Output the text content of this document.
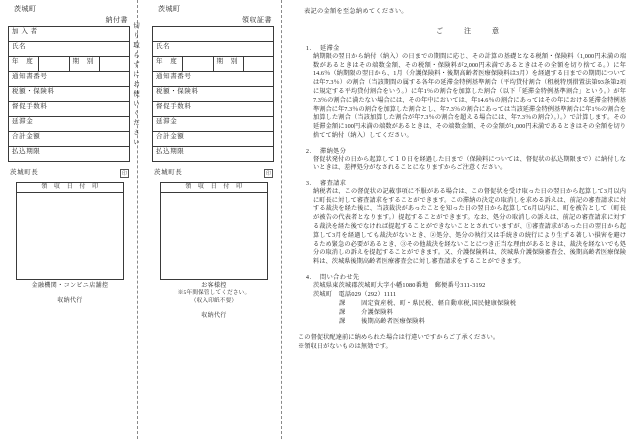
茨城町
納付書
加 入 者
氏名
年　度		期　別	
通知書番号
税額・保険料
督促手数料
延滞金
合計金額
払込期限
茨城町長	印
領 収 日 付 印
金融機関・コンビニ店舗控
収納代行
切り取らずにお使いください
茨城町
領収証書

氏名
年　度		期　別	
通知書番号
税額・保険料
督促手数料
延滞金
合計金額
払込期限
茨城町長	印
領 収 日 付 印
お客様控
※5年間保管してください。
（収入印紙不要）
収納代行
表記の金額を至急納めてください。
ご　注　意
1． 延滞金
納期限の翌日から納付（納入）の日までの期間に応じ、その計算の基礎となる税額・保険料（1,000円未満の端数があるときはその端数金額、その税額・保険料が2,000円未満であるときはその全額を切り捨てる。）に年14.6％（納期限の翌日から、1月（介護保険料・後期高齢者医療保険料は3月）を経過する日までの期間については年7.3％）の割合（当該期間の属する各年の延滞金特例基準割合（平均貸付割合（租税特別措置法第93条第2項に規定する平均貸付割合をいう。）に年1％の割合を加算した割合（以下「延滞金特例基準割合」という。）が年7.3％の割合に満たない場合には、その年中においては、年14.6％の割合にあってはその年における延滞金特例基準割合に年7.3％の割合を加算した割合とし、年7.3％の割合にあっては当該延滞金特例基準割合に年1％の割合を加算した割合（当該加算した割合が年7.3％の割合を超える場合には、年7.3％の割合）。）。）で計算します。その延滞金額に100円未満の端数があるときは、その端数金額、その金額が1,000円未満であるときはその全額を切り捨てて納付（納入）してください。
2． 滞納処分
督促状発付の日から起算して１０日を経過した日まで（保険料については、督促状の払込期限まで）に納付しないときは、差押処分がなされることになりますからご注意ください。
3． 審査請求
納税者は、この督促状の記載事項に不服がある場合は、この督促状を受け取った日の翌日から起算して3月以内に町長に対して審査請求をすることができます。この滞納の決定の取消しを求める訴えは、前記の審査請求に対する裁決を経た後に、当該裁決があったことを知った日の翌日から起算して6月以内に、町を被告として（町長が被告の代表者となります。）提起することができます。なお、処分の取消しの訴えは、前記の審査請求に対する裁決を経た後でなければ提起することができないこととされていますが、①審査請求があった日の翌日から起算して3月を経過しても裁決がないとき、②処分、処分の執行又は手続きの続行により生ずる著しい損害を避けるため緊急の必要があるとき、③その他裁決を経ないことにつき正当な理由があるときは、裁決を経ないでも処分の取消しの訴えを提起することができます。又、介護保険料は、茨城県介護保険審査会、後期高齢者医療保険料は、茨城県後期高齢者医療審査会に対し審査請求をすることができます。
4． 問い合わせ先
茨城県東茨城郡茨城町大字小幡1080番地　郵便番号311-3192
茨城町　電話029（292）1111
課	固定資産税、町・県民税、軽自動車税,国民健康保険税
課	介護保険料
課	後期高齢者医療保険料
この督促状配達前に納められた場合は行違いですからご了承ください。
※領収日がないものは無効です。
